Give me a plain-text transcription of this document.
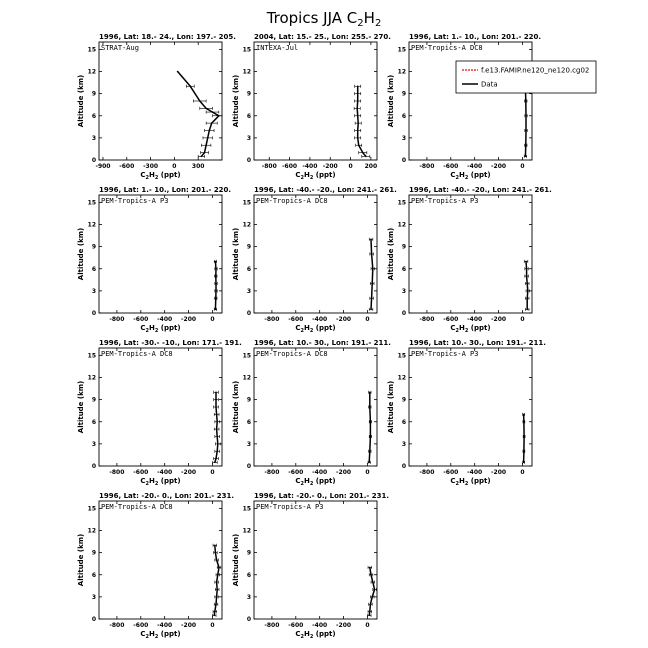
Tropics JJA $C_2H_2$
1996, Lat: 18.- 24., Lon: 197.- 205.
STRAT-Aug
0
3
6
9
12
15
-900 -600 -300 0	300
Altitude (km)
$C_2H_2$ (ppt)
2004, Lat: 15.- 25., Lon: 255.- 270.
INTEXA-Jul
0
3
6
9
12
15
-800 -600 -400 -200 0 200
Altitude (km)
$C_2H_2$ (ppt)
1996, Lat: 1.- 10., Lon: 201.- 220.
PEM-Tropics-A DC8
0
3
6
9
12
15
-800 -600 -400 -200 0
Altitude (km)
$C_2H_2$ (ppt)
1996, Lat: 1.- 10., Lon: 201.- 220.
PEM-Tropics-A P3
0
3
6
9
12
15
-800 -600 -400 -200 0
Altitude (km)
$C_2H_2$ (ppt)
1996, Lat: -40.- -20., Lon: 241.- 261.
PEM-Tropics-A DC8
0
3
6
9
12
15
-800 -600 -400 -200 0
Altitude (km)
$C_2H_2$ (ppt)
1996, Lat: -40.- -20., Lon: 241.- 261.
PEM-Tropics-A P3
0
3
6
9
12
15
-800 -600 -400 -200 0
Altitude (km)
$C_2H_2$ (ppt)
1996, Lat: -30.- -10., Lon: 171.- 191.
PEM-Tropics-A DC8
0
3
6
9
12
15
-800 -600 -400 -200 0
Altitude (km)
$C_2H_2$ (ppt)
1996, Lat: 10.- 30., Lon: 191.- 211.
PEM-Tropics-A DC8
0
3
6
9
12
15
-800 -600 -400 -200 0
Altitude (km)
$C_2H_2$ (ppt)
1996, Lat: 10.- 30., Lon: 191.- 211.
PEM-Tropics-A P3
0
3
6
9
12
15
-800 -600 -400 -200 0
Altitude (km)
$C_2H_2$ (ppt)
1996, Lat: -20.- 0., Lon: 201.- 231.
PEM-Tropics-A DC8
0
3
6
9
12
15
-800 -600 -400 -200 0
Altitude (km)
$C_2H_2$ (ppt)
1996, Lat: -20.- 0., Lon: 201.- 231.
PEM-Tropics-A P3
0
3
6
9
12
15
-800 -600 -400 -200 0
Altitude (km)
$C_2H_2$ (ppt)
f.e13.FAMIP.ne120_ne120.cg02
Data
